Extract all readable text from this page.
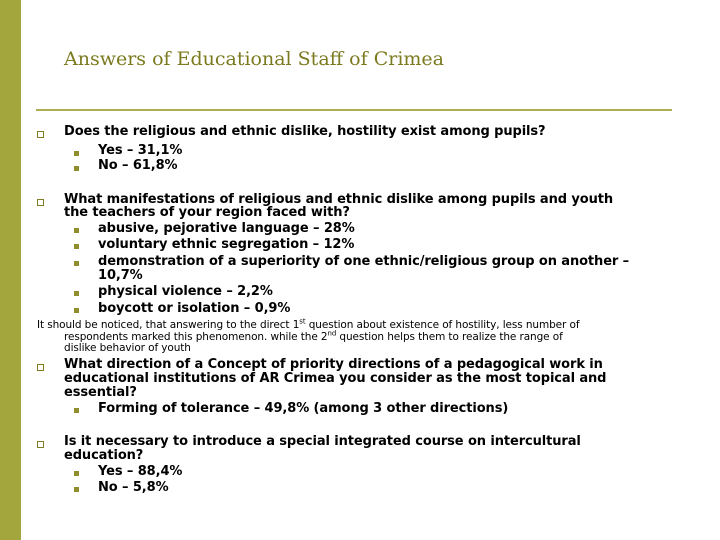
Answers of Educational Staff of Crimea
Does the religious and ethnic dislike, hostility exist among pupils?
Yes – 31,1%
No – 61,8%
What manifestations of religious and ethnic dislike among pupils and youth
the teachers of your region faced with?
abusive, pejorative language – 28%
voluntary ethnic segregation – 12%
demonstration of a superiority of one ethnic/religious group on another –
10,7%
physical violence – 2,2%
boycott or isolation – 0,9%
It should be noticed, that answering to the direct 1st question about existence of hostility, less number of
respondents marked this phenomenon. while the 2nd question helps them to realize the range of
dislike behavior of youth
What direction of a Concept of priority directions of a pedagogical work in
educational institutions of AR Crimea you consider as the most topical and
essential?
Forming of tolerance – 49,8% (among 3 other directions)
Is it necessary to introduce a special integrated course on intercultural
education?
Yes – 88,4%
No – 5,8%
